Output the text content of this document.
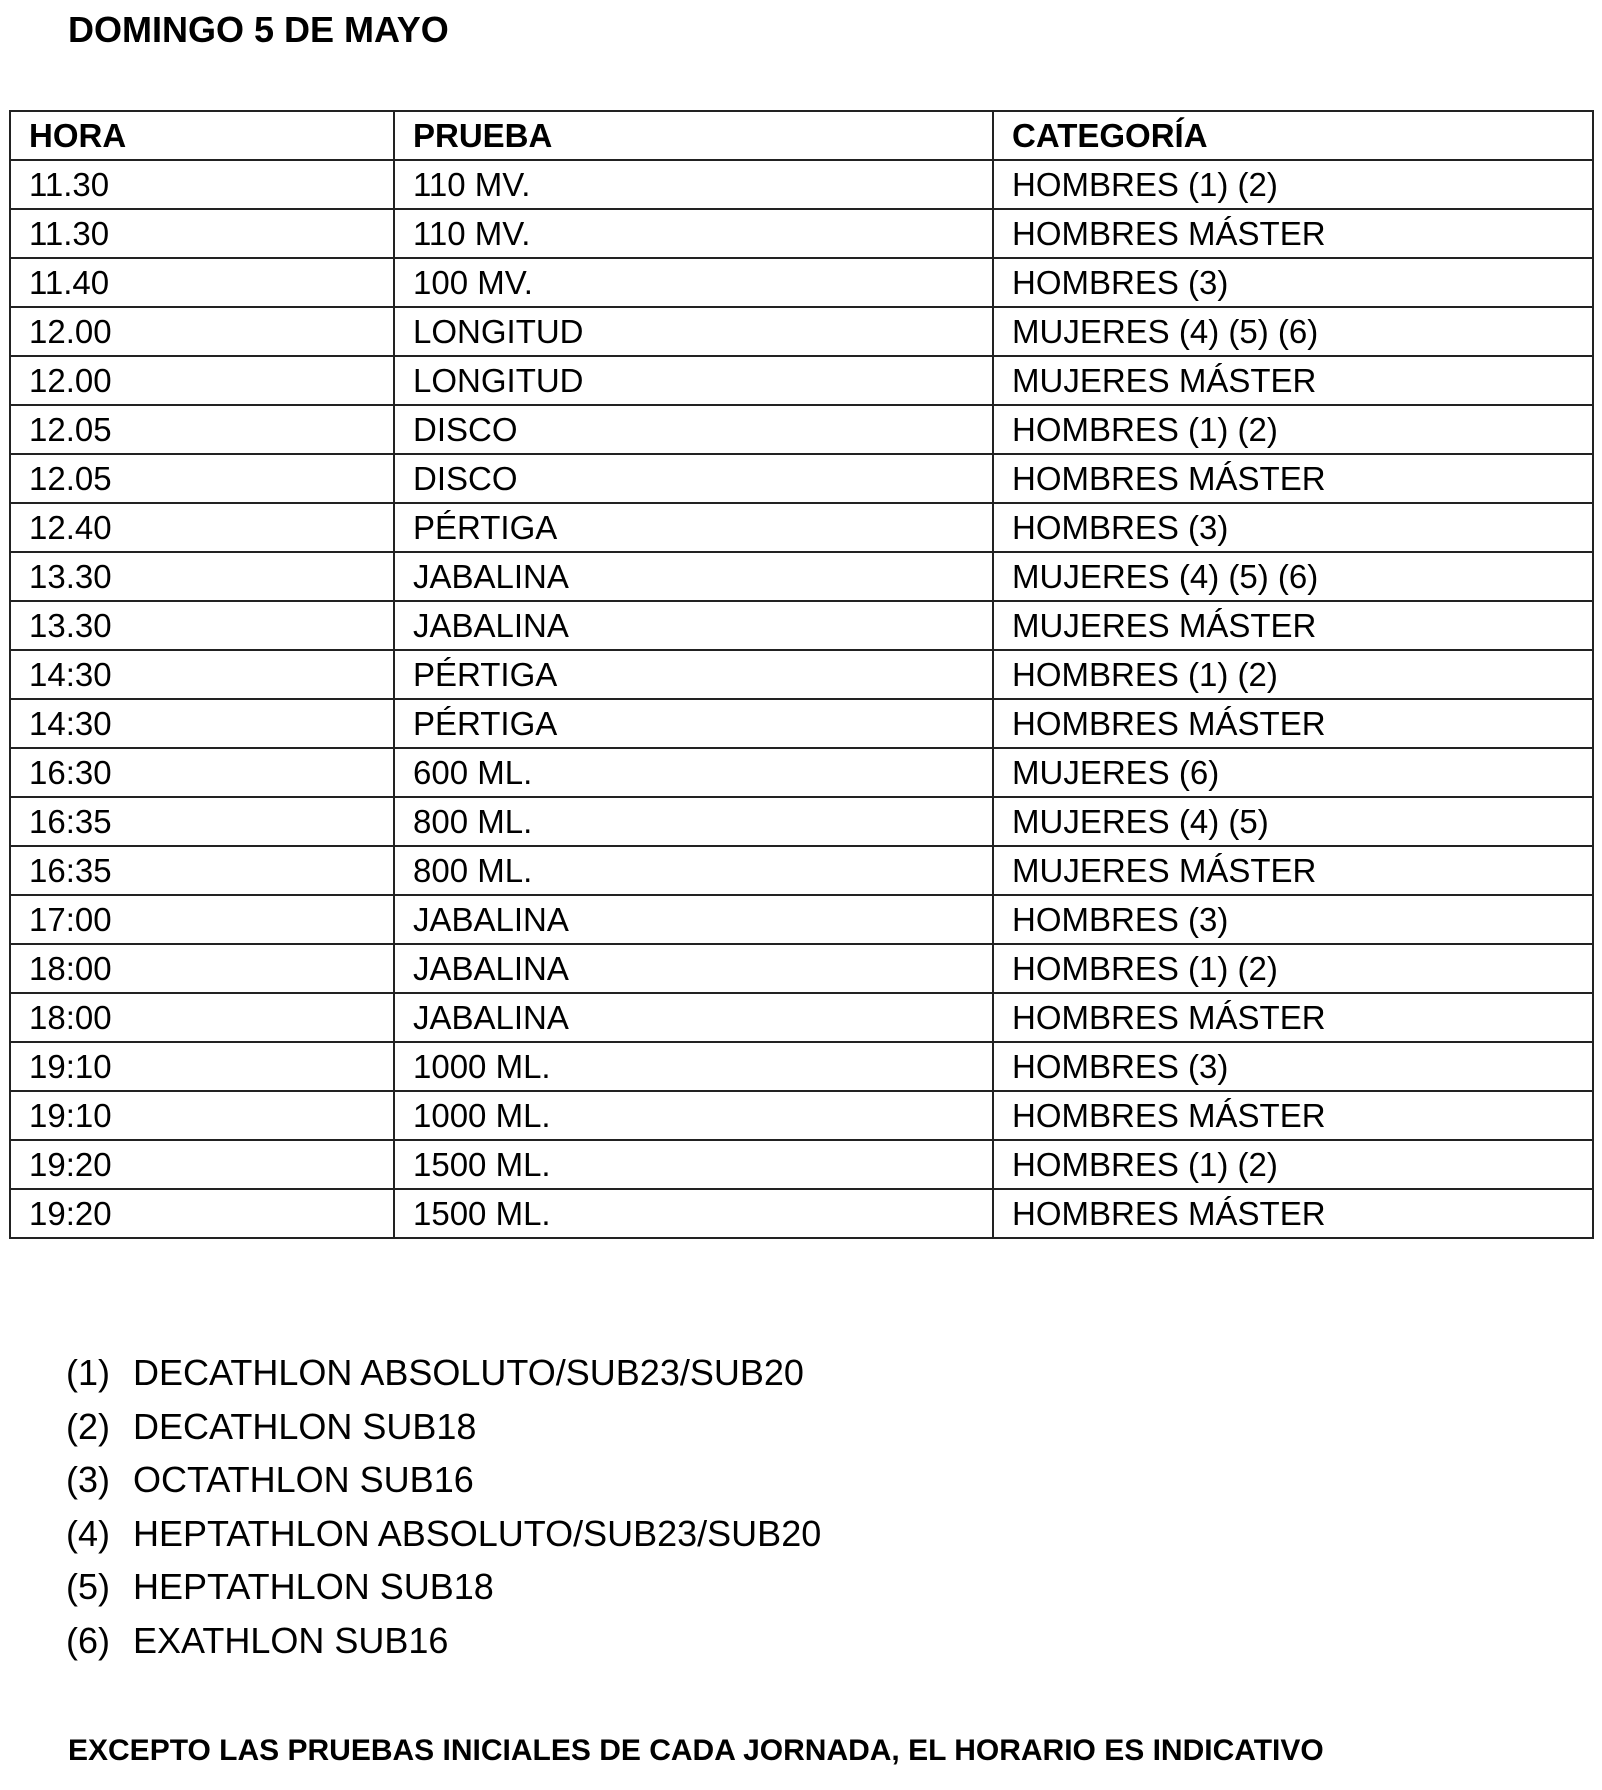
DOMINGO 5 DE MAYO
HORA	PRUEBA	CATEGORÍA
11.30	110 MV.	HOMBRES (1) (2)
11.30	110 MV.	HOMBRES MÁSTER
11.40	100 MV.	HOMBRES (3)
12.00	LONGITUD	MUJERES (4) (5) (6)
12.00	LONGITUD	MUJERES MÁSTER
12.05	DISCO	HOMBRES (1) (2)
12.05	DISCO	HOMBRES MÁSTER
12.40	PÉRTIGA	HOMBRES (3)
13.30	JABALINA	MUJERES (4) (5) (6)
13.30	JABALINA	MUJERES MÁSTER
14:30	PÉRTIGA	HOMBRES (1) (2)
14:30	PÉRTIGA	HOMBRES MÁSTER
16:30	600 ML.	MUJERES (6)
16:35	800 ML.	MUJERES (4) (5)
16:35	800 ML.	MUJERES MÁSTER
17:00	JABALINA	HOMBRES (3)
18:00	JABALINA	HOMBRES (1) (2)
18:00	JABALINA	HOMBRES MÁSTER
19:10	1000 ML.	HOMBRES (3)
19:10	1000 ML.	HOMBRES MÁSTER
19:20	1500 ML.	HOMBRES (1) (2)
19:20	1500 ML.	HOMBRES MÁSTER
(1) DECATHLON ABSOLUTO/SUB23/SUB20
(2) DECATHLON SUB18
(3) OCTATHLON SUB16
(4) HEPTATHLON ABSOLUTO/SUB23/SUB20
(5) HEPTATHLON SUB18
(6) EXATHLON SUB16

EXCEPTO LAS PRUEBAS INICIALES DE CADA JORNADA, EL HORARIO ES INDICATIVO
